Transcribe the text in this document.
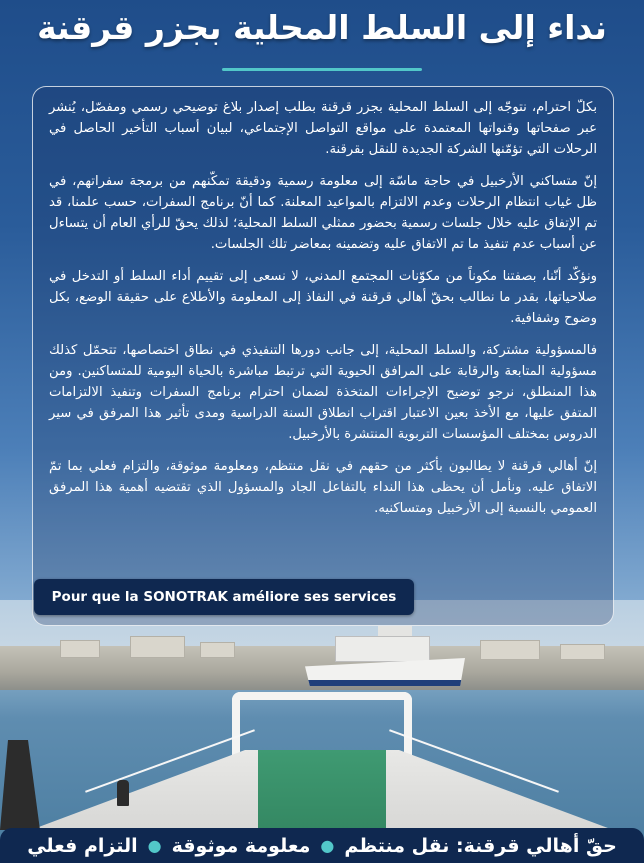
نداء إلى السلط المحلية بجزر قرقنة

بكلّ احترام، نتوجّه إلى السلط المحلية بجزر قرقنة بطلب إصدار بلاغ توضيحي رسمي ومفصّل، يُنشر عبر صفحاتها وقنواتها المعتمدة على مواقع التواصل الإجتماعي، لبيان أسباب التأخير الحاصل في الرحلات التي تؤمّنها الشركة الجديدة للنقل بقرقنة.

إنّ متساكني الأرخبيل في حاجة ماسّة إلى معلومة رسمية ودقيقة تمكّنهم من برمجة سفراتهم، في ظل غياب انتظام الرحلات وعدم الالتزام بالمواعيد المعلنة. كما أنّ برنامج السفرات، حسب علمنا، قد تم الإتفاق عليه خلال جلسات رسمية بحضور ممثلي السلط المحلية؛ لذلك يحقّ للرأي العام أن يتساءل عن أسباب عدم تنفيذ ما تم الاتفاق عليه وتضمينه بمعاضر تلك الجلسات.

ونؤكّد أنّنا، بصفتنا مكوناً من مكوّنات المجتمع المدني، لا نسعى إلى تقييم أداء السلط أو التدخل في صلاحياتها، بقدر ما نطالب بحقّ أهالي قرقنة في النفاذ إلى المعلومة والأطلاع على حقيقة الوضع، بكل وضوح وشفافية.

فالمسؤولية مشتركة، والسلط المحلية، إلى جانب دورها التنفيذي في نطاق اختصاصها، تتحمّل كذلك مسؤولية المتابعة والرقابة على المرافق الحيوية التي ترتبط مباشرة بالحياة اليومية للمتساكنين. ومن هذا المنطلق، نرجو توضيح الإجراءات المتخذة لضمان احترام برنامج السفرات وتنفيذ الالتزامات المتفق عليها، مع الأخذ بعين الاعتبار اقتراب انطلاق السنة الدراسية ومدى تأثير هذا المرفق في سير الدروس بمختلف المؤسسات التربوية المنتشرة بالأرخبيل.

إنّ أهالي قرقنة لا يطالبون بأكثر من حقهم في نقل منتظم، ومعلومة موثوقة، والتزام فعلي بما تمّ الاتفاق عليه. ونأمل أن يحظى هذا النداء بالتفاعل الجاد والمسؤول الذي تقتضيه أهمية هذا المرفق العمومي بالنسبة إلى الأرخبيل ومتساكنيه.

Pour que la SONOTRAK améliore ses services
حقّ أهالي قرقنة: نقل منتظم
●
معلومة موثوقة
●
التزام فعلي
